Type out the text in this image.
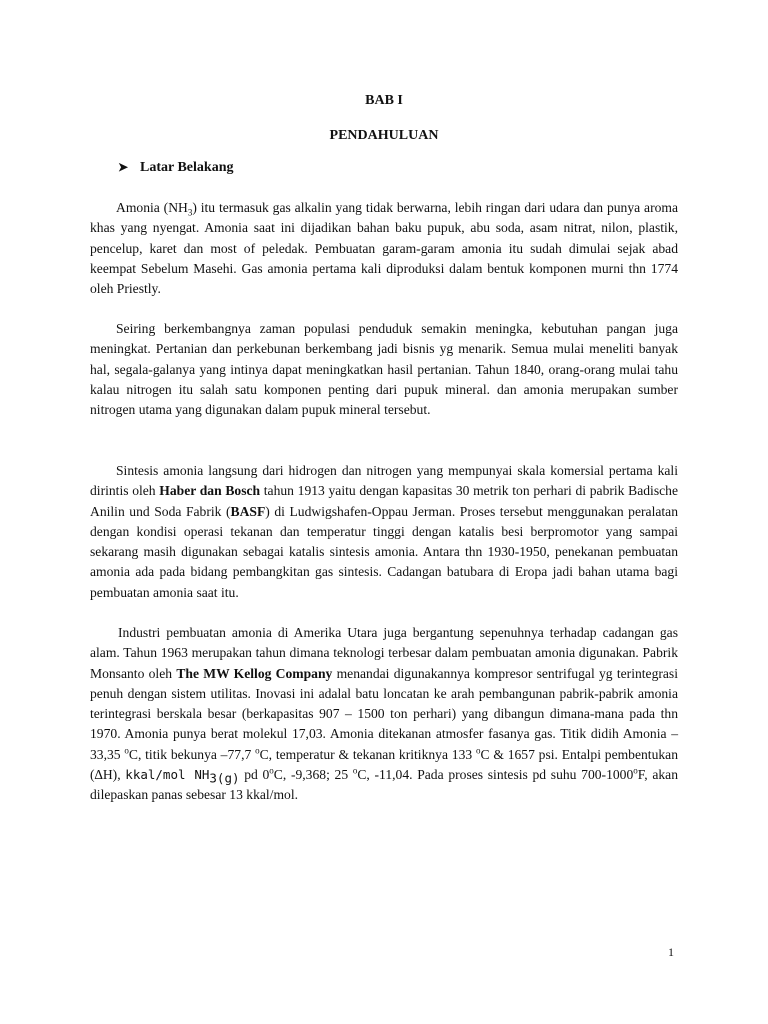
BAB I

PENDAHULUAN

➤ Latar Belakang

Amonia $(NH_3)$ itu termasuk gas alkalin yang tidak berwarna, lebih ringan dari udara dan punya aroma khas yang nyengat. Amonia saat ini dijadikan bahan baku pupuk, abu soda, asam nitrat, nilon, plastik, pencelup, karet dan most of peledak. Pembuatan garam-garam amonia itu sudah dimulai sejak abad keempat Sebelum Masehi. Gas amonia pertama kali diproduksi dalam bentuk komponen murni thn 1774 oleh Priestly.

Seiring berkembangnya zaman populasi penduduk semakin meningka, kebutuhan pangan juga meningkat. Pertanian dan perkebunan berkembang jadi bisnis yg menarik. Semua mulai meneliti banyak hal, segala-galanya yang intinya dapat meningkatkan hasil pertanian. Tahun 1840, orang-orang mulai tahu kalau nitrogen itu salah satu komponen penting dari pupuk mineral. dan amonia merupakan sumber nitrogen utama yang digunakan dalam pupuk mineral tersebut.

Sintesis amonia langsung dari hidrogen dan nitrogen yang mempunyai skala komersial pertama kali dirintis oleh Haber dan Bosch tahun 1913 yaitu dengan kapasitas 30 metrik ton perhari di pabrik Badische Anilin und Soda Fabrik (BASF) di Ludwigshafen-Oppau Jerman. Proses tersebut menggunakan peralatan dengan kondisi operasi tekanan dan temperatur tinggi dengan katalis besi berpromotor yang sampai sekarang masih digunakan sebagai katalis sintesis amonia. Antara thn 1930-1950, penekanan pembuatan amonia ada pada bidang pembangkitan gas sintesis. Cadangan batubara di Eropa jadi bahan utama bagi pembuatan amonia saat itu.

Industri pembuatan amonia di Amerika Utara juga bergantung sepenuhnya terhadap cadangan gas alam. Tahun 1963 merupakan tahun dimana teknologi terbesar dalam pembuatan amonia digunakan. Pabrik Monsanto oleh The MW Kellog Company menandai digunakannya kompresor sentrifugal yg terintegrasi penuh dengan sistem utilitas. Inovasi ini adalal batu loncatan ke arah pembangunan pabrik-pabrik amonia terintegrasi berskala besar (berkapasitas 907 – 1500 ton perhari) yang dibangun dimana-mana pada thn 1970. Amonia punya berat molekul 17,03. Amonia ditekanan atmosfer fasanya gas. Titik didih Amonia –33,35 $^o$C, titik bekunya –77,7 $^o$C, temperatur & tekanan kritiknya 133 $^o$C & 1657 psi. Entalpi pembentukan (∆H), kkal/mol $NH_{3(g)}$ pd 0$^o$C, -9,368; 25 $^o$C, -11,04. Pada proses sintesis pd suhu 700-1000$^o$F, akan dilepaskan panas sebesar 13 kkal/mol.

1
